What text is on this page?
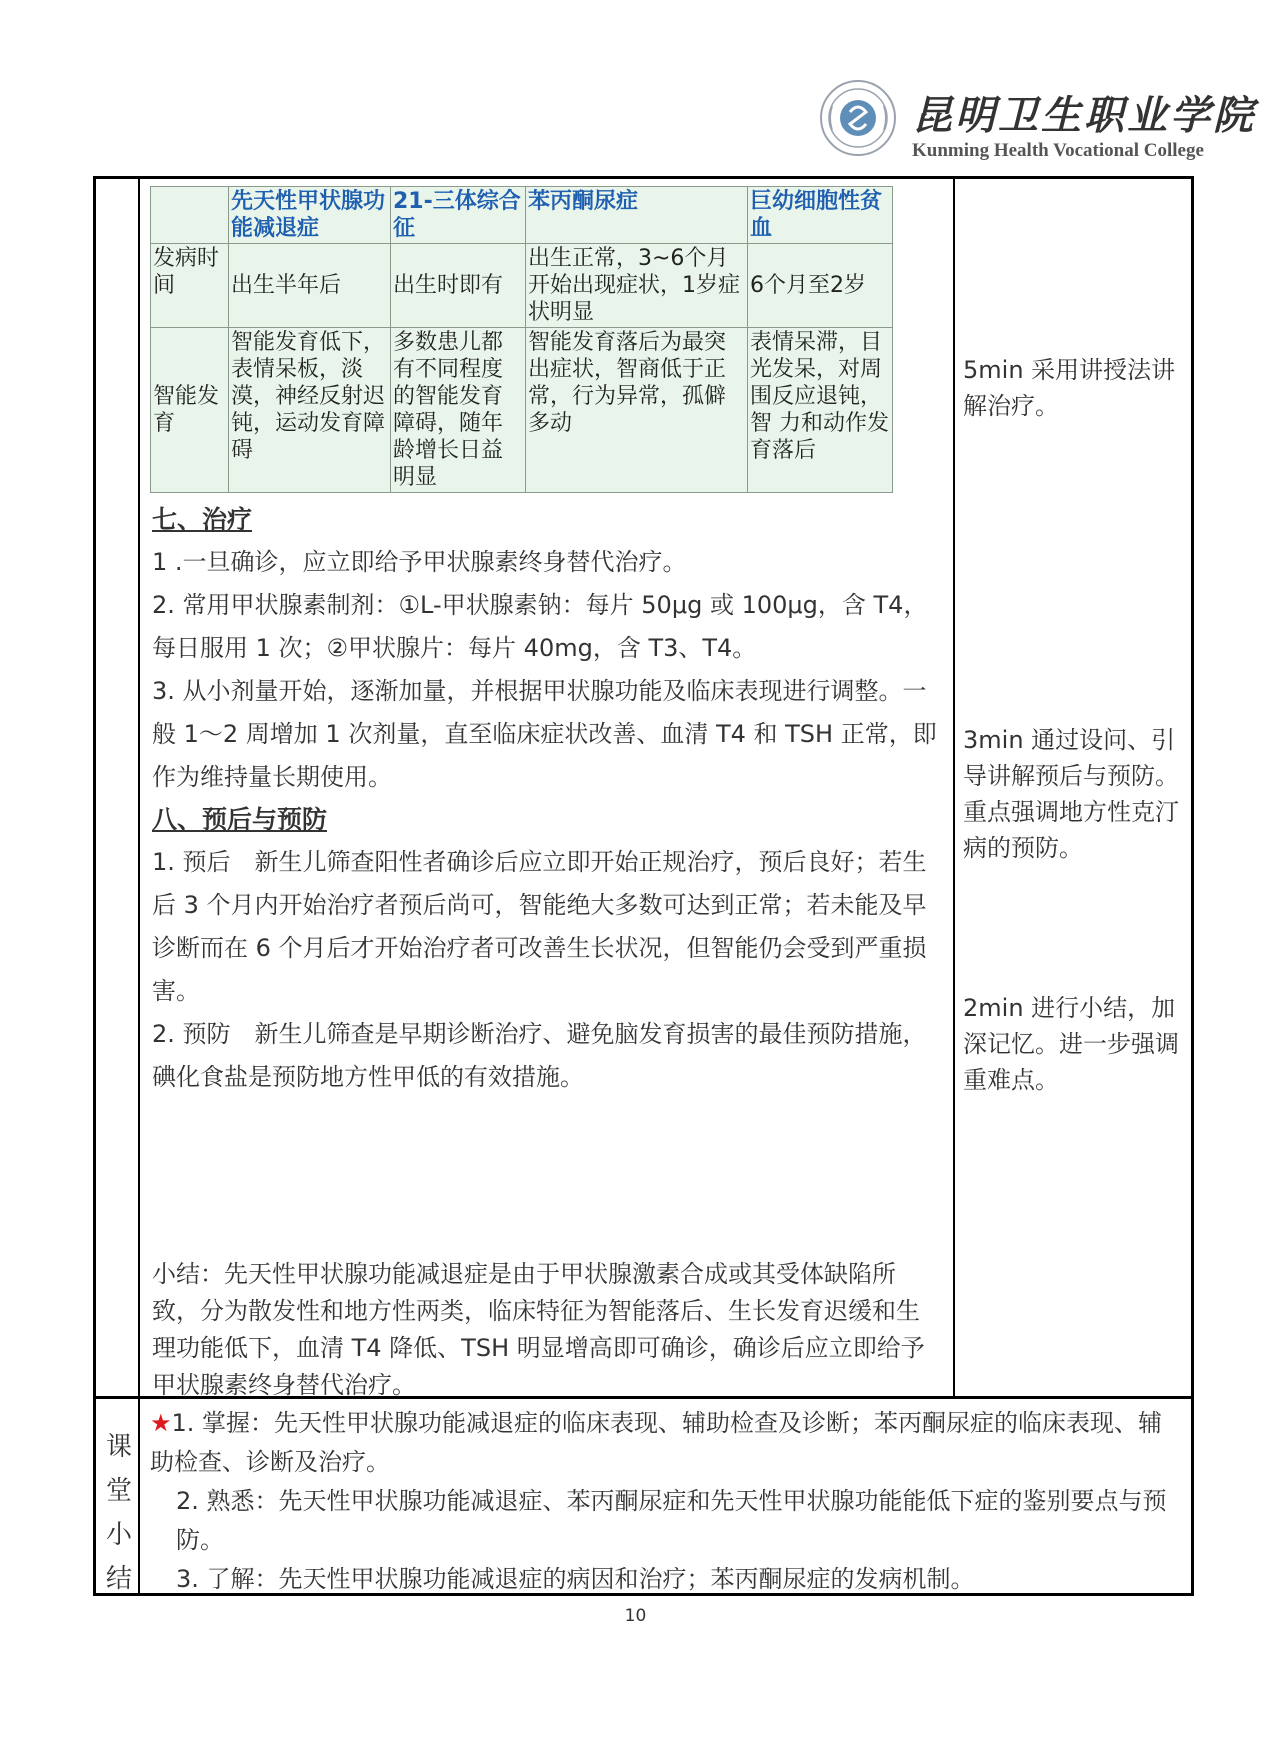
昆明卫生职业学院
Kunming Health Vocational College
	先天性甲状腺功能减退症	21-三体综合征	苯丙酮尿症	巨幼细胞性贫血
发病时间	出生半年后	出生时即有	出生正常，3~6个月开始出现症状，1岁症状明显	6个月至2岁
智能发育	智能发育低下，表情呆板，淡漠，神经反射迟钝，运动发育障碍	多数患儿都有不同程度的智能发育障碍，随年龄增长日益明显	智能发育落后为最突出症状，智商低于正常，行为异常，孤僻多动	表情呆滞，目光发呆，对周围反应退钝，智 力和动作发育落后
七、治疗

1 .一旦确诊，应立即给予甲状腺素终身替代治疗。

2. 常用甲状腺素制剂：①L-甲状腺素钠：每片 50μg 或 100μg，含 T4，每日服用 1 次；②甲状腺片：每片 40mg，含 T3、T4。

3. 从小剂量开始，逐渐加量，并根据甲状腺功能及临床表现进行调整。一般 1～2 周增加 1 次剂量，直至临床症状改善、血清 T4 和 TSH 正常，即作为维持量长期使用。

八、预后与预防

1. 预后　新生儿筛查阳性者确诊后应立即开始正规治疗，预后良好；若生后 3 个月内开始治疗者预后尚可，智能绝大多数可达到正常；若未能及早诊断而在 6 个月后才开始治疗者可改善生长状况，但智能仍会受到严重损害。

2. 预防　新生儿筛查是早期诊断治疗、避免脑发育损害的最佳预防措施，碘化食盐是预防地方性甲低的有效措施。

小结：先天性甲状腺功能减退症是由于甲状腺激素合成或其受体缺陷所致，分为散发性和地方性两类，临床特征为智能落后、生长发育迟缓和生理功能低下，血清 T4 降低、TSH 明显增高即可确诊，确诊后应立即给予甲状腺素终身替代治疗。
5min 采用讲授法讲解治疗。
3min 通过设问、引导讲解预后与预防。重点强调地方性克汀病的预防。
2min 进行小结，加深记忆。进一步强调重难点。
课堂小结
★1. 掌握：先天性甲状腺功能减退症的临床表现、辅助检查及诊断；苯丙酮尿症的临床表现、辅助检查、诊断及治疗。
2. 熟悉：先天性甲状腺功能减退症、苯丙酮尿症和先天性甲状腺功能能低下症的鉴别要点与预防。
3. 了解：先天性甲状腺功能减退症的病因和治疗；苯丙酮尿症的发病机制。
10
